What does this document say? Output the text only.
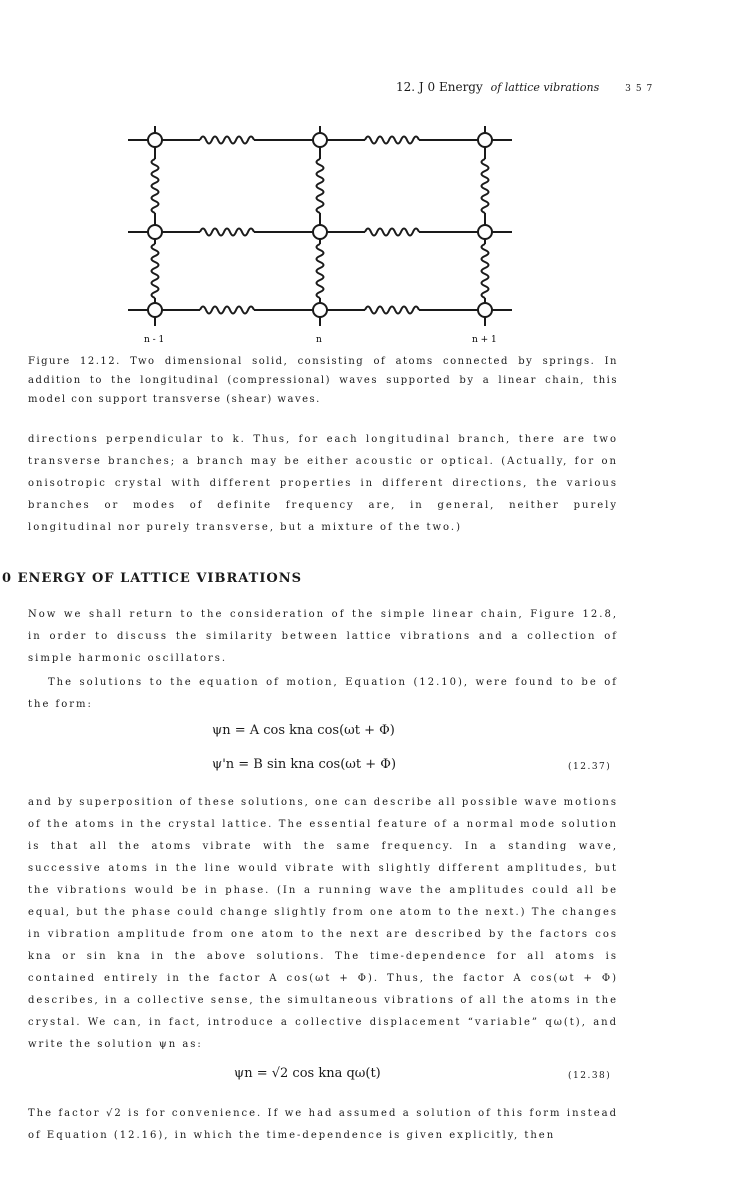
12. J 0 Energy of lattice vibrations	357
n - 1	n	n + 1
Figure 12.12. Two dimensional solid, consisting of atoms connected by springs. In addition to the longitudinal (compressional) waves supported by a linear chain, this model con support transverse (shear) waves.
directions perpendicular to k. Thus, for each longitudinal branch, there are two transverse branches; a branch may be either acoustic or optical. (Actually, for on onisotropic crystal with different properties in different directions, the various branches or modes of definite frequency are, in general, neither purely longitudinal nor purely transverse, but a mixture of the two.)
0 ENERGY OF LATTICE VIBRATIONS
Now we shall return to the consideration of the simple linear chain, Figure 12.8, in order to discuss the similarity between lattice vibrations and a collection of simple harmonic oscillators.
The solutions to the equation of motion, Equation (12.10), were found to be of the form:
ψn = A cos kna cos(ωt + Φ)
ψ'n = B sin kna cos(ωt + Φ)	(12.37)
and by superposition of these solutions, one can describe all possible wave motions of the atoms in the crystal lattice. The essential feature of a normal mode solution is that all the atoms vibrate with the same frequency. In a standing wave, successive atoms in the line would vibrate with slightly different amplitudes, but the vibrations would be in phase. (In a running wave the amplitudes could all be equal, but the phase could change slightly from one atom to the next.) The changes in vibration amplitude from one atom to the next are described by the factors cos kna or sin kna in the above solutions. The time-dependence for all atoms is contained entirely in the factor A cos(ωt + Φ). Thus, the factor A cos(ωt + Φ) describes, in a collective sense, the simultaneous vibrations of all the atoms in the crystal. We can, in fact, introduce a collective displacement “variable” qω(t), and write the solution ψn as:
ψn = √2 cos kna qω(t)	(12.38)
The factor √2 is for convenience. If we had assumed a solution of this form instead of Equation (12.16), in which the time-dependence is given explicitly, then
